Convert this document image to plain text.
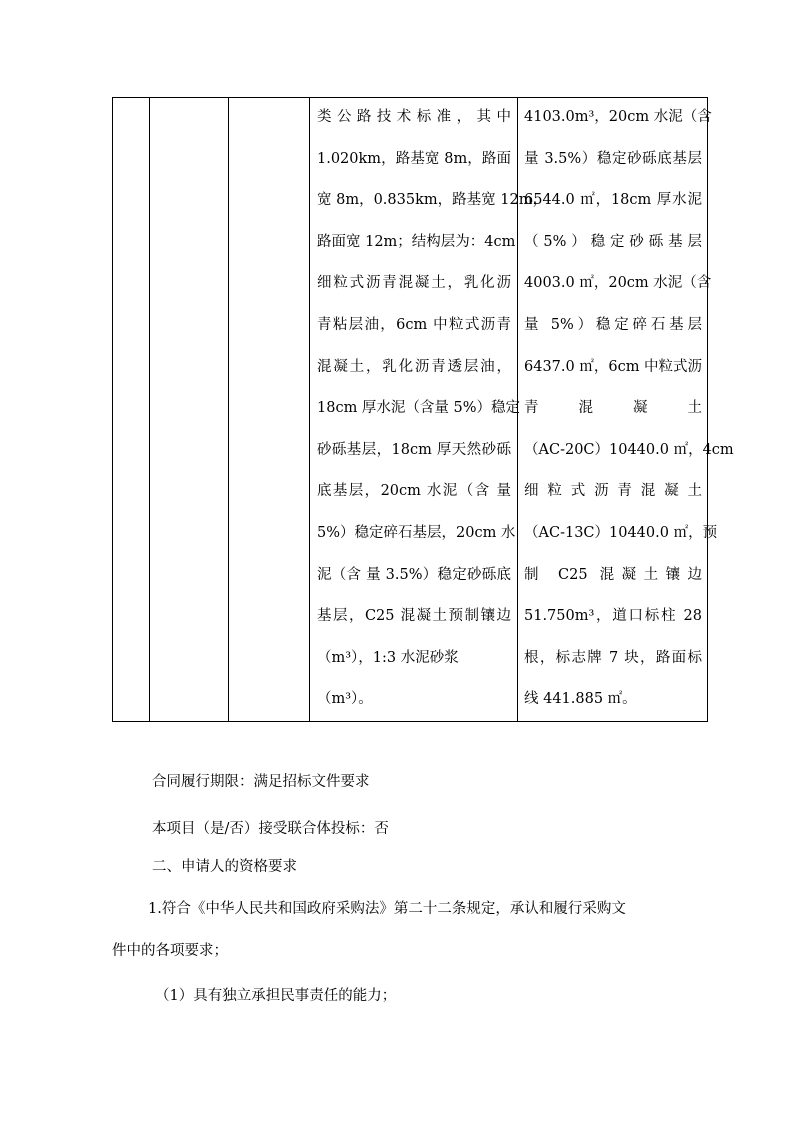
类公路技术标准，其中
1.020km，路基宽 8m，路面
宽 8m，0.835km，路基宽 12m，
路面宽 12m；结构层为：4cm
细粒式沥青混凝土，乳化沥
青粘层油，6cm 中粒式沥青
混凝土，乳化沥青透层油，
18cm 厚水泥（含量 5%）稳定
砂砾基层，18cm 厚天然砂砾
底基层，20cm 水泥（含 量
5%）稳定碎石基层，20cm 水
泥（含 量 3.5%）稳定砂砾底
基层，C25 混凝土预制镶边
（m³），1:3 水泥砂浆
（m³）。
4103.0m³，20cm 水泥（含
量 3.5%）稳定砂砾底基层
6544.0 ㎡，18cm 厚水泥
（5%）稳定砂砾基层
4003.0 ㎡，20cm 水泥（含
量 5%）稳定碎石基层
6437.0 ㎡，6cm 中粒式沥
青 混 凝 土
（AC-20C）10440.0 ㎡，4cm
细粒式沥青混凝土
（AC-13C）10440.0 ㎡，预
制 C25 混凝土镶边
51.750m³，道口标柱 28
根，标志牌 7 块，路面标
线 441.885 ㎡。
合同履行期限：满足招标文件要求
本项目（是/否）接受联合体投标：否
二、申请人的资格要求
1.符合《中华人民共和国政府采购法》第二十二条规定，承认和履行采购文
件中的各项要求；
（1）具有独立承担民事责任的能力；
